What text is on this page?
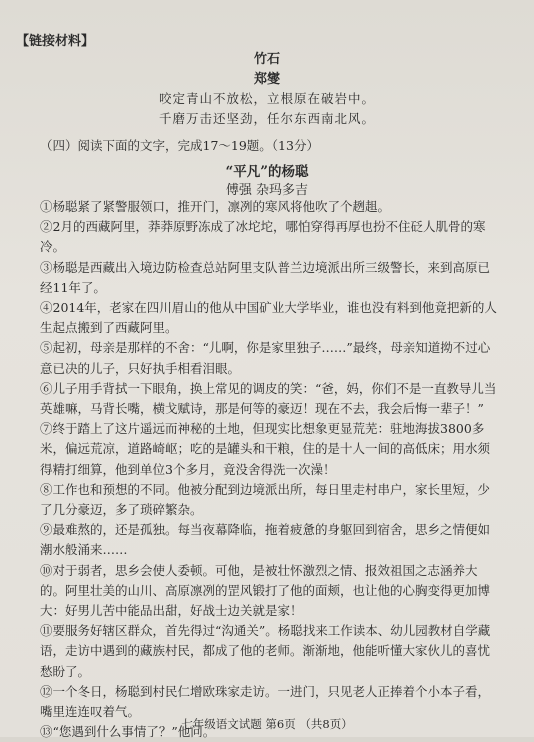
【链接材料】
竹石
郑燮
咬定青山不放松，立根原在破岩中。
千磨万击还坚劲，任尔东西南北风。
（四）阅读下面的文字，完成17～19题。（13分）
“平凡”的杨聪
傅强 杂玛多吉

①杨聪紧了紧警服领口，推开门，凛冽的寒风将他吹了个趔趄。

②2月的西藏阿里，莽莽原野冻成了冰坨坨，哪怕穿得再厚也扮不住砭人肌骨的寒冷。

③杨聪是西藏出入境边防检查总站阿里支队普兰边境派出所三级警长，来到高原已经11年了。

④2014年，老家在四川眉山的他从中国矿业大学毕业，谁也没有料到他竟把新的人生起点搬到了西藏阿里。

⑤起初，母亲是那样的不舍：“儿啊，你是家里独子……”最终，母亲知道拗不过心意已决的儿子，只好执手相看泪眼。

⑥儿子用手背拭一下眼角，换上常见的调皮的笑：“爸，妈，你们不是一直教导儿当英雄嘛，马背长嘴，横戈赋诗，那是何等的豪迈！现在不去，我会后悔一辈子！”

⑦终于踏上了这片遥远而神秘的土地，但现实比想象更显荒芜：驻地海拔3800多米，偏远荒凉，道路崎岖；吃的是罐头和干粮，住的是十人一间的高低床；用水须得精打细算，他到单位3个多月，竟没舍得洗一次澡！

⑧工作也和预想的不同。他被分配到边境派出所，每日里走村串户，家长里短，少了几分豪迈，多了琐碎繁杂。

⑨最难熬的，还是孤独。每当夜幕降临，拖着疲惫的身躯回到宿舍，思乡之情便如潮水般涌来……

⑩对于弱者，思乡会使人委顿。可他，是被壮怀激烈之情、报效祖国之志涵养大的。阿里壮美的山川、高原凛冽的罡风锻打了他的面颊，也让他的心胸变得更加博大：好男儿苦中能品出甜，好战士边关就是家！

⑪要服务好辖区群众，首先得过“沟通关”。杨聪找来工作读本、幼儿园教材自学藏语，走访中遇到的藏族村民，都成了他的老师。渐渐地，他能听懂大家伙儿的喜忧愁盼了。

⑫一个冬日，杨聪到村民仁增欧珠家走访。一进门，只见老人正捧着个小本子看，嘴里连连叹着气。

⑬“您遇到什么事情了？”他问。

七年级语文试题 第6页 （共8页）
